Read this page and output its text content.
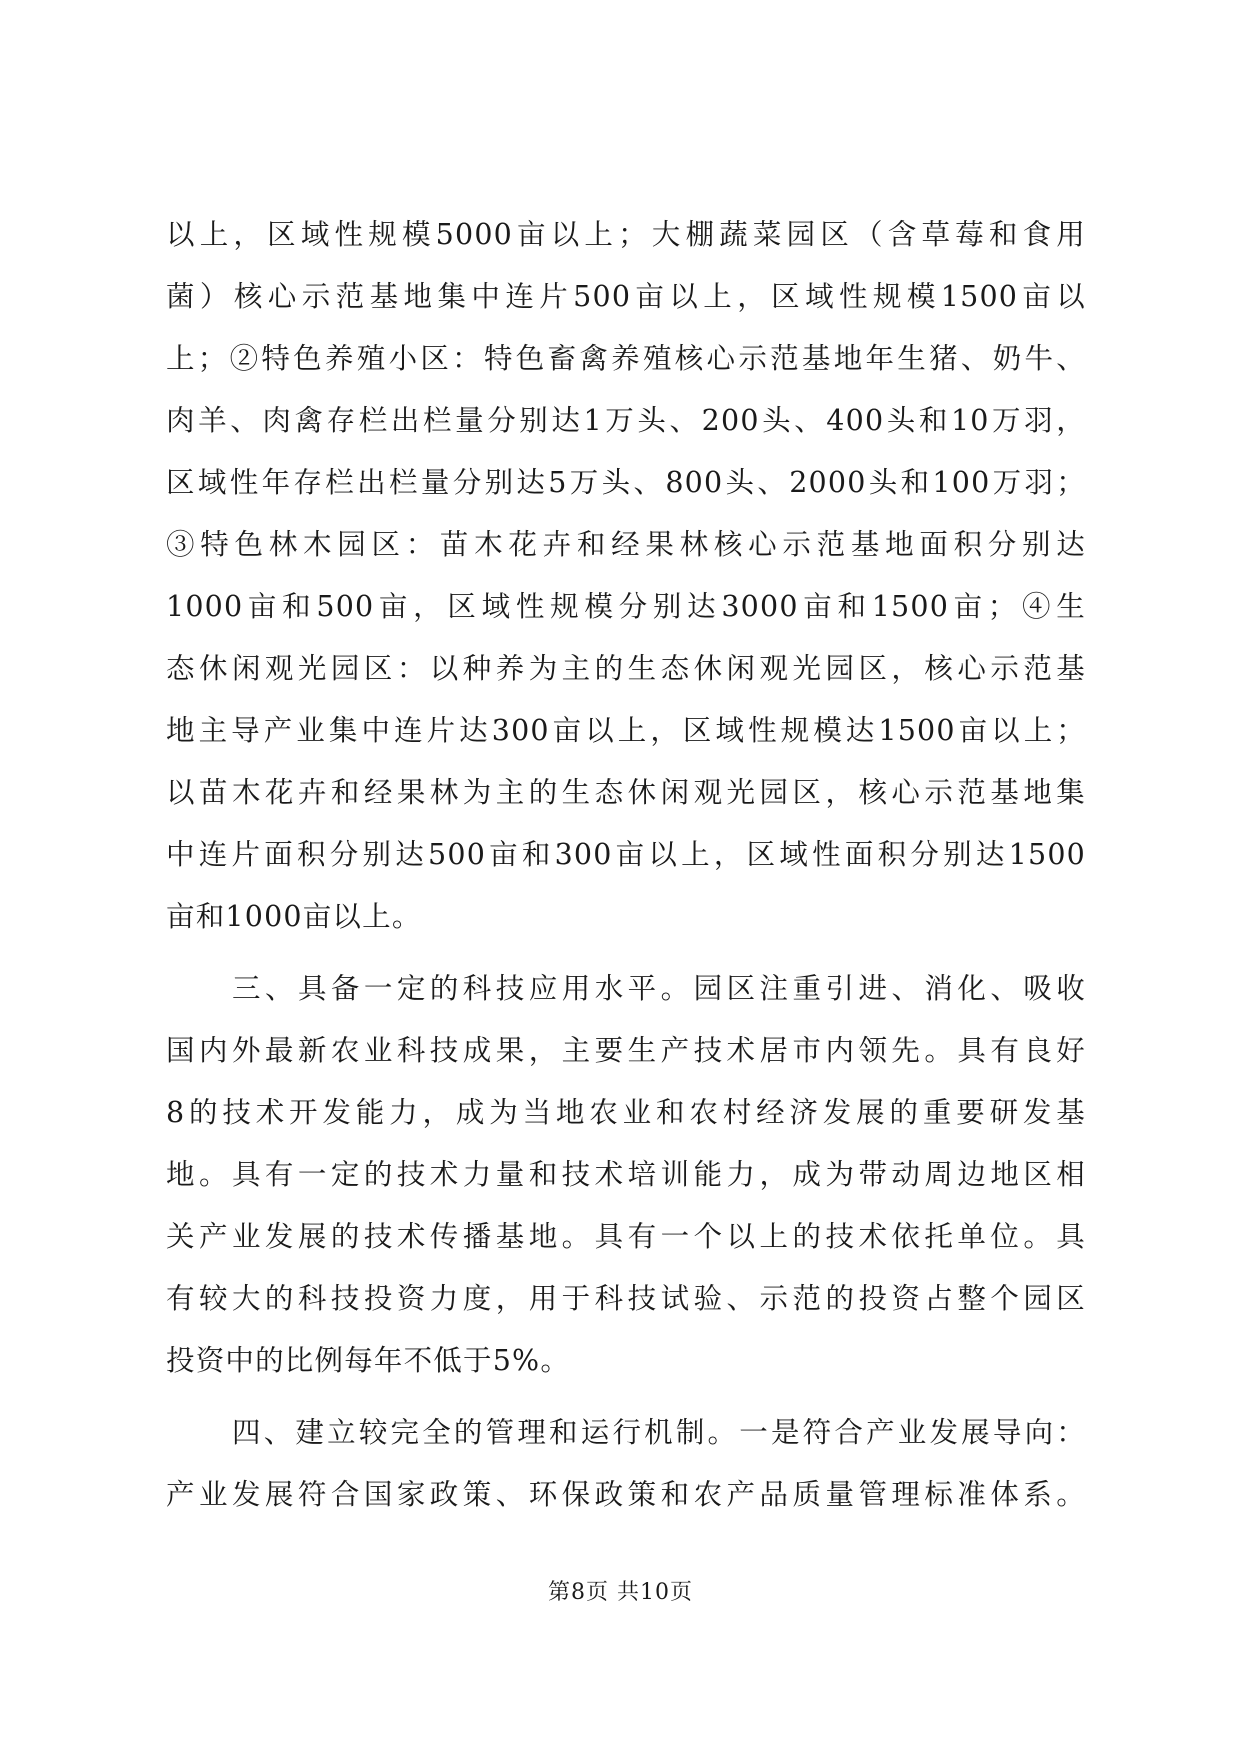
以上，区域性规模5000亩以上；大棚蔬菜园区（含草莓和食用
菌）核心示范基地集中连片500亩以上，区域性规模1500亩以
上；②特色养殖小区：特色畜禽养殖核心示范基地年生猪、奶牛、
肉羊、肉禽存栏出栏量分别达1万头、200头、400头和10万羽，
区域性年存栏出栏量分别达5万头、800头、2000头和100万羽；
③特色林木园区：苗木花卉和经果林核心示范基地面积分别达
1000亩和500亩，区域性规模分别达3000亩和1500亩；④生
态休闲观光园区：以种养为主的生态休闲观光园区，核心示范基
地主导产业集中连片达300亩以上，区域性规模达1500亩以上；
以苗木花卉和经果林为主的生态休闲观光园区，核心示范基地集
中连片面积分别达500亩和300亩以上，区域性面积分别达1500
亩和1000亩以上。
三、具备一定的科技应用水平。园区注重引进、消化、吸收
国内外最新农业科技成果，主要生产技术居市内领先。具有良好
8的技术开发能力，成为当地农业和农村经济发展的重要研发基
地。具有一定的技术力量和技术培训能力，成为带动周边地区相
关产业发展的技术传播基地。具有一个以上的技术依托单位。具
有较大的科技投资力度，用于科技试验、示范的投资占整个园区
投资中的比例每年不低于5%。
四、建立较完全的管理和运行机制。一是符合产业发展导向：
产业发展符合国家政策、环保政策和农产品质量管理标准体系。
第8页 共10页
